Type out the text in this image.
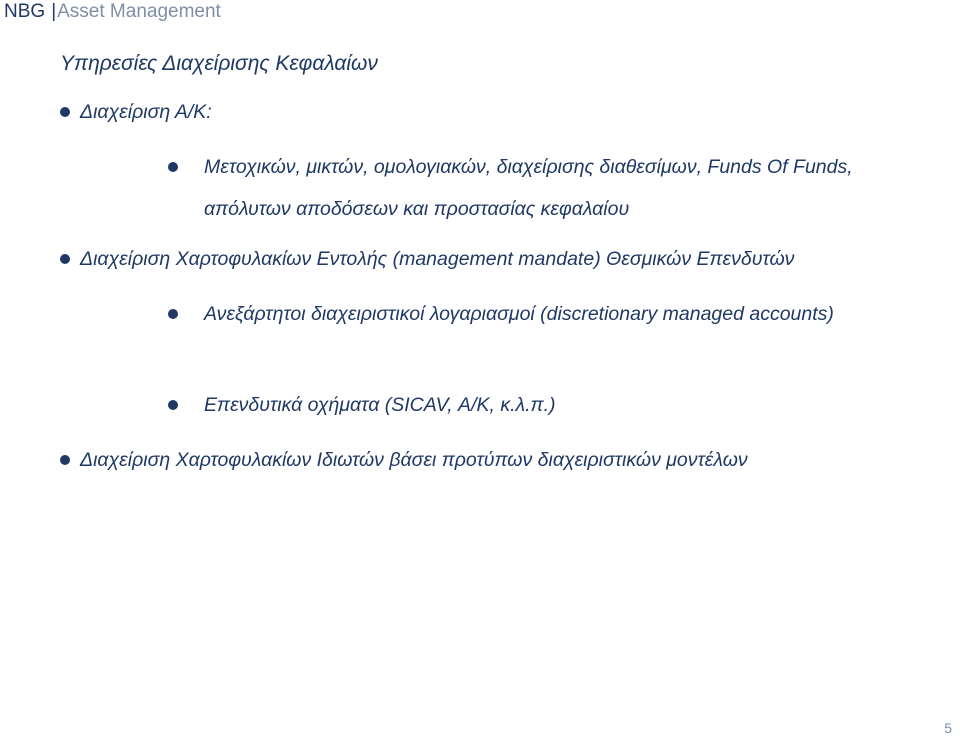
NBG |Asset Management
Υπηρεσίες Διαχείρισης Κεφαλαίων
Διαχείριση Α/Κ:
Μετοχικών, μικτών, ομολογιακών, διαχείρισης διαθεσίμων, Funds Of Funds, απόλυτων αποδόσεων και προστασίας κεφαλαίου
Διαχείριση Χαρτοφυλακίων Εντολής (management mandate) Θεσμικών Επενδυτών
Ανεξάρτητοι διαχειριστικοί λογαριασμοί (discretionary managed accounts)
Επενδυτικά οχήματα (SICAV, Α/Κ, κ.λ.π.)
Διαχείριση Χαρτοφυλακίων Ιδιωτών βάσει προτύπων διαχειριστικών μοντέλων
5
